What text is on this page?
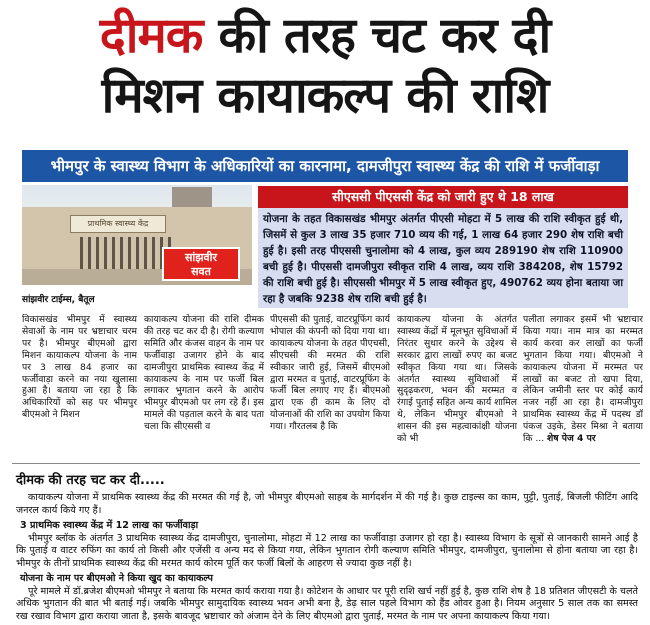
दीमक की तरह चट कर दी
मिशन कायाकल्प की राशि
भीमपुर के स्वास्थ्य विभाग के अधिकारियों का कारनामा, दामजीपुरा स्वास्थ्य केंद्र की राशि में फर्जीवाड़ा
प्राथमिक स्वास्थ्य केंद्र
सांझवीर
सवत
सांझवीर टाईम्स, बैतूल
सीएससी पीएससी केंद्र को जारी हुए थे 18 लाख
योजना के तहत विकासखंड भीमपुर अंतर्गत पीएसी मोहटा में 5 लाख की राशि स्वीकृत हुई थी, जिसमें से कुल 3 लाख 35 हजार 710 व्यय की गई, 1 लाख 64 हजार 290 शेष राशि बची हुई है। इसी तरह पीएससी चुनालोमा को 4 लाख, कुल व्यय 289190 शेष राशि 110900 बची हुई है। पीएससी दामजीपुरा स्वीकृत राशि 4 लाख, व्यय राशि 384208, शेष 15792 की राशि बची हुई है। सीएससी भीमपुर में 5 लाख स्वीकृत हुए, 490762 व्यय होना बताया जा रहा है जबकि 9238 शेष राशि बची हुई है।
विकासखंड भीमपुर में स्वास्थ्य सेवाओं के नाम पर भ्रष्टाचार चरम पर है। भीमपुर बीएमओ द्वारा मिशन कायाकल्प योजना के नाम पर 3 लाख 84 हजार का फर्जीवाड़ा करने का नया खुलासा हुआ है। बताया जा रहा है कि अधिकारियों को सह पर भीमपुर बीएमओ ने मिशन
कायाकल्प योजना की राशि दीमक की तरह चट कर दी है। रोगी कल्याण समिति और कंजस वाहन के नाम पर फर्जीवाड़ा उजागर होने के बाद दामजीपुरा प्राथमिक स्वास्थ्य केंद्र में कायाकल्प के नाम पर फर्जी बिल लगाकर भुगतान करने के आरोप भीमपुर बीएमओ पर लग रहे हैं। इस मामले की पड़ताल करने के बाद पता चला कि सीएससी व
पीएससी की पुताई, वाटरप्रूफिंग कार्य भोपाल की कंपनी को दिया गया था। कायाकल्प योजना के तहत पीएचसी, सीएचसी की मरमत की राशि स्वीकार जारी हुई, जिसमें बीएमओ द्वारा मरमत व पुताई, वाटरप्रूफिंग के फर्जी बिल लगाए गए हैं। बीएमओ द्वारा एक ही काम के लिए दो योजनाओं की राशि का उपयोग किया गया। गौरतलब है कि
कायाकल्प योजना के अंतर्गत स्वास्थ्य केंद्रों में मूलभूत सुविधाओं में निरंतर सुधार करने के उद्देश्य से सरकार द्वारा लाखों रुपए का बजट स्वीकृत किया गया था। जिसके अंतर्गत स्वास्थ्य सुविधाओं में सुदृढ़करण, भवन की मरम्मत व रंगाई पुताई सहित अन्य कार्य शामिल थे, लेकिन भीमपुर बीएमओ ने शासन की इस महत्वाकांक्षी योजना को भी
पलीता लगाकर इसमें भी भ्रष्टाचार किया गया। नाम मात्र का मरम्मत कार्य करवा कर लाखों का फर्जी भुगतान किया गया। बीएमओ ने कायाकल्प योजना में मरम्मत पर लाखों का बजट तो खपा दिया, लेकिन जमीनी स्तर पर कोई कार्य नजर नहीं आ रहा है। दामजीपुरा प्राथमिक स्वास्थ्य केंद्र में पदस्थ डॉ पंकज उइके, डेसर मिश्रा ने बताया कि ... शेष पेज 4 पर
दीमक की तरह चट कर दी.....

कायाकल्प योजना में प्राथमिक स्वास्थ्य केंद्र की मरमत की गई है, जो भीमपुर बीएमओ साहब के मार्गदर्शन में की गई है। कुछ टाइल्स का काम, पुट्टी, पुताई, बिजली फीटिंग आदि जनरल कार्य किये गए हैं।

3 प्राथमिक स्वास्थ्य केंद्र में 12 लाख का फर्जीवाड़ा

भीमपुर ब्लॉक के अंतर्गत 3 प्राथमिक स्वास्थ्य केंद्र दामजीपुरा, चुनालोमा, मोहटा में 12 लाख का फर्जीवाड़ा उजागर हो रहा है। स्वास्थ्य विभाग के सूत्रों से जानकारी सामने आई है कि पुताई व वाटर रुफिंग का कार्य तो किसी और एजेंसी व अन्य मद से किया गया, लेकिन भुगतान रोगी कल्याण समिति भीमपुर, दामजीपुरा, चुनालोमा से होना बताया जा रहा है। भीमपुर के तीनों प्राथमिक स्वास्थ्य केंद्र की मरमत कार्य कोरम पूर्ति कर फर्जी बिलों के आहरण से ज्यादा कुछ नहीं है।

योजना के नाम पर बीएमओ ने किया खुद का कायाकल्प

पूरे मामले में डॉ.ब्रजेश बीएमओ भीमपुर ने बताया कि मरमत कार्य कराया गया है। कोटेशन के आधार पर पूरी राशि खर्च नहीं हुई है, कुछ राशि शेष है 18 प्रतिशत जीएसटी के चलते अधिक भुगतान की बात भी बताई गई। जबकि भीमपुर सामुदायिक स्वास्थ्य भवन अभी बना है, डेढ़ साल पहले विभाग को हैंड ओवर हुआ है। नियम अनुसार 5 साल तक का समस्त रख रखाव विभाग द्वारा कराया जाता है, इसके बावजूद भ्रष्टाचार को अंजाम देने के लिए बीएमओ द्वारा पुताई, मरमत के नाम पर अपना कायाकल्प किया गया।
